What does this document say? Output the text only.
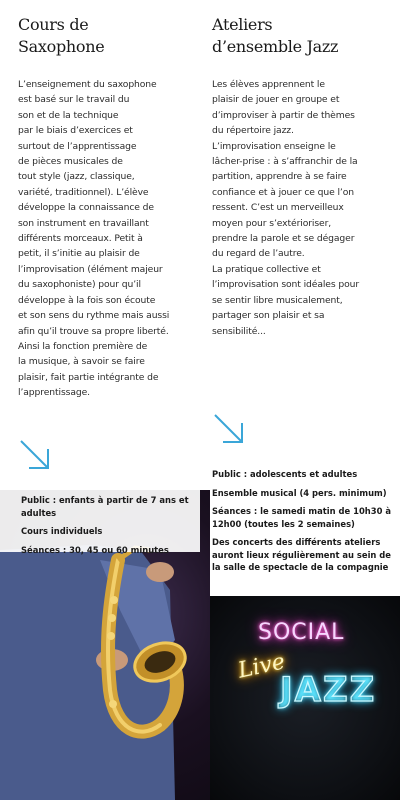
Cours de
Saxophone
L’enseignement du saxophone
est basé sur le travail du
son et de la technique
par le biais d’exercices et
surtout de l’apprentissage
de pièces musicales de
tout style (jazz, classique,
variété, traditionnel). L’élève
développe la connaissance de
son instrument en travaillant
différents morceaux. Petit à
petit, il s’initie au plaisir de
l’improvisation (élément majeur
du saxophoniste) pour qu’il
développe à la fois son écoute
et son sens du rythme mais aussi
afin qu’il trouve sa propre liberté.
Ainsi la fonction première de
la musique, à savoir se faire
plaisir, fait partie intégrante de
l’apprentissage.

Public : enfants à partir de 7 ans et adultes

Cours individuels

Séances : 30, 45 ou 60 minutes

Ateliers
d’ensemble Jazz
Les élèves apprennent le
plaisir de jouer en groupe et
d’improviser à partir de thèmes
du répertoire jazz.
L’improvisation enseigne le
lâcher-prise : à s’affranchir de la
partition, apprendre à se faire
confiance et à jouer ce que l’on
ressent. C’est un merveilleux
moyen pour s’extérioriser,
prendre la parole et se dégager
du regard de l’autre.
La pratique collective et
l’improvisation sont idéales pour
se sentir libre musicalement,
partager son plaisir et sa
sensibilité...

Public : adolescents et adultes

Ensemble musical (4 pers. minimum)

Séances : le samedi matin de 10h30 à 12h00 (toutes les 2 semaines)

Des concerts des différents ateliers auront lieux régulièrement au sein de la salle de spectacle de la compagnie

SOCIAL
Live
JAZZ
